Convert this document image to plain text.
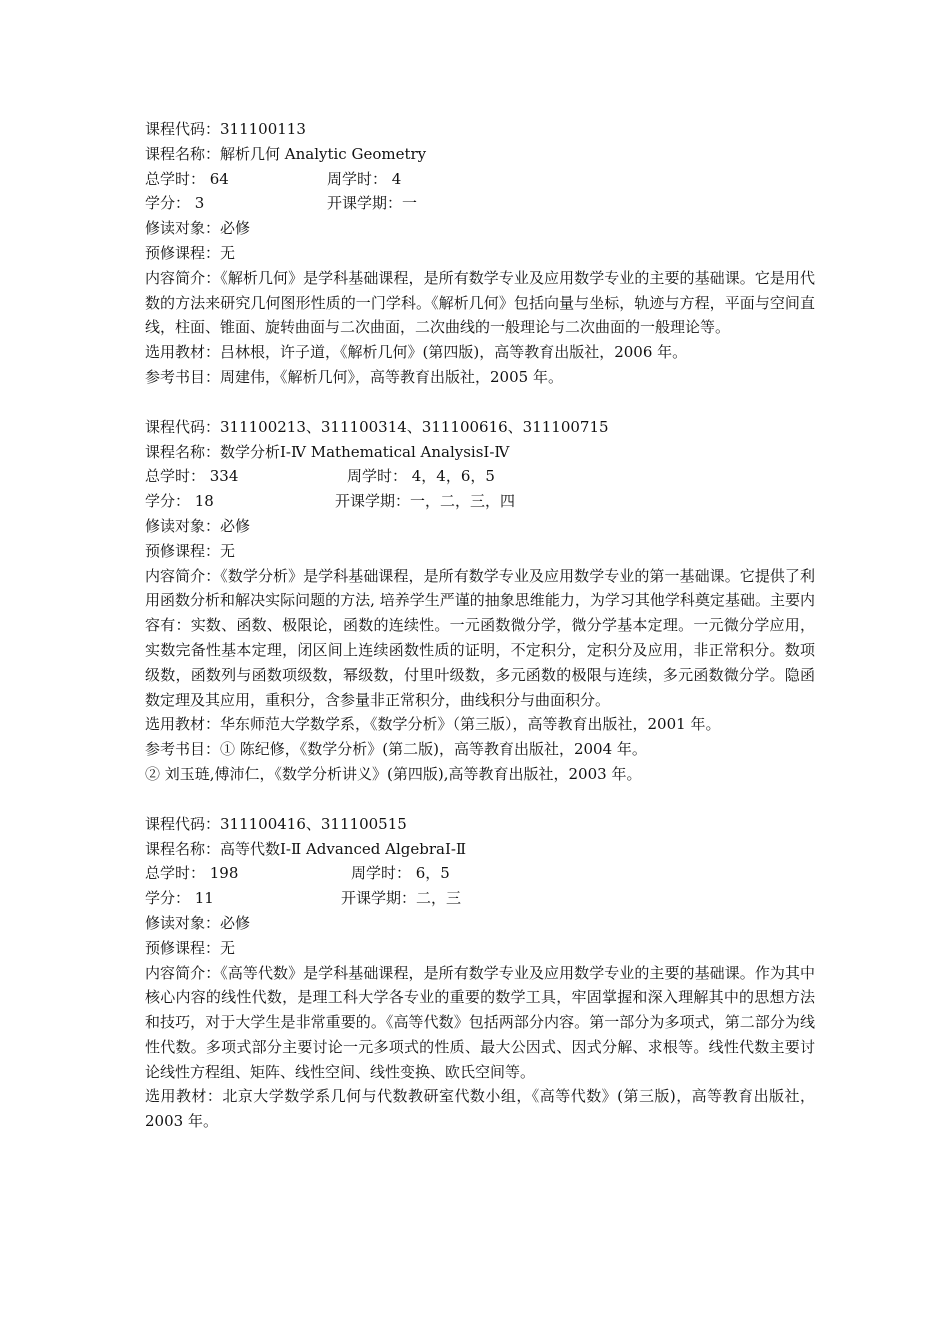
课程代码：311100113
课程名称：解析几何 Analytic Geometry
总学时： 64	周学时： 4
学分： 3	开课学期：一
修读对象：必修
预修课程：无
内容简介：《解析几何》是学科基础课程，是所有数学专业及应用数学专业的主要的基础课。它是用代数的方法来研究几何图形性质的一门学科。《解析几何》包括向量与坐标，轨迹与方程，平面与空间直线，柱面、锥面、旋转曲面与二次曲面，二次曲线的一般理论与二次曲面的一般理论等。
选用教材：吕林根，许子道，《解析几何》(第四版)，高等教育出版社，2006 年。
参考书目：周建伟，《解析几何》，高等教育出版社，2005 年。
课程代码：311100213、311100314、311100616、311100715
课程名称：数学分析Ⅰ-Ⅳ Mathematical AnalysisⅠ-Ⅳ
总学时： 334	周学时： 4，4，6，5
学分： 18	开课学期：一，二，三，四
修读对象：必修
预修课程：无
内容简介：《数学分析》是学科基础课程，是所有数学专业及应用数学专业的第一基础课。它提供了利用函数分析和解决实际问题的方法, 培养学生严谨的抽象思维能力，为学习其他学科奠定基础。主要内容有：实数、函数、极限论，函数的连续性。一元函数微分学，微分学基本定理。一元微分学应用，实数完备性基本定理，闭区间上连续函数性质的证明，不定积分，定积分及应用，非正常积分。数项级数，函数列与函数项级数，幂级数，付里叶级数，多元函数的极限与连续，多元函数微分学。隐函数定理及其应用，重积分，含参量非正常积分，曲线积分与曲面积分。
选用教材：华东师范大学数学系，《数学分析》（第三版），高等教育出版社，2001 年。
参考书目：① 陈纪修，《数学分析》(第二版)，高等教育出版社，2004 年。
② 刘玉琏,傅沛仁，《数学分析讲义》(第四版),高等教育出版社，2003 年。
课程代码：311100416、311100515
课程名称：高等代数Ⅰ-Ⅱ Advanced AlgebraⅠ-Ⅱ
总学时： 198	周学时： 6，5
学分： 11	开课学期：二，三
修读对象：必修
预修课程：无
内容简介：《高等代数》是学科基础课程，是所有数学专业及应用数学专业的主要的基础课。作为其中核心内容的线性代数，是理工科大学各专业的重要的数学工具，牢固掌握和深入理解其中的思想方法和技巧，对于大学生是非常重要的。《高等代数》包括两部分内容。第一部分为多项式，第二部分为线性代数。多项式部分主要讨论一元多项式的性质、最大公因式、因式分解、求根等。线性代数主要讨论线性方程组、矩阵、线性空间、线性变换、欧氏空间等。
选用教材：北京大学数学系几何与代数教研室代数小组，《高等代数》(第三版)，高等教育出版社，2003 年。
